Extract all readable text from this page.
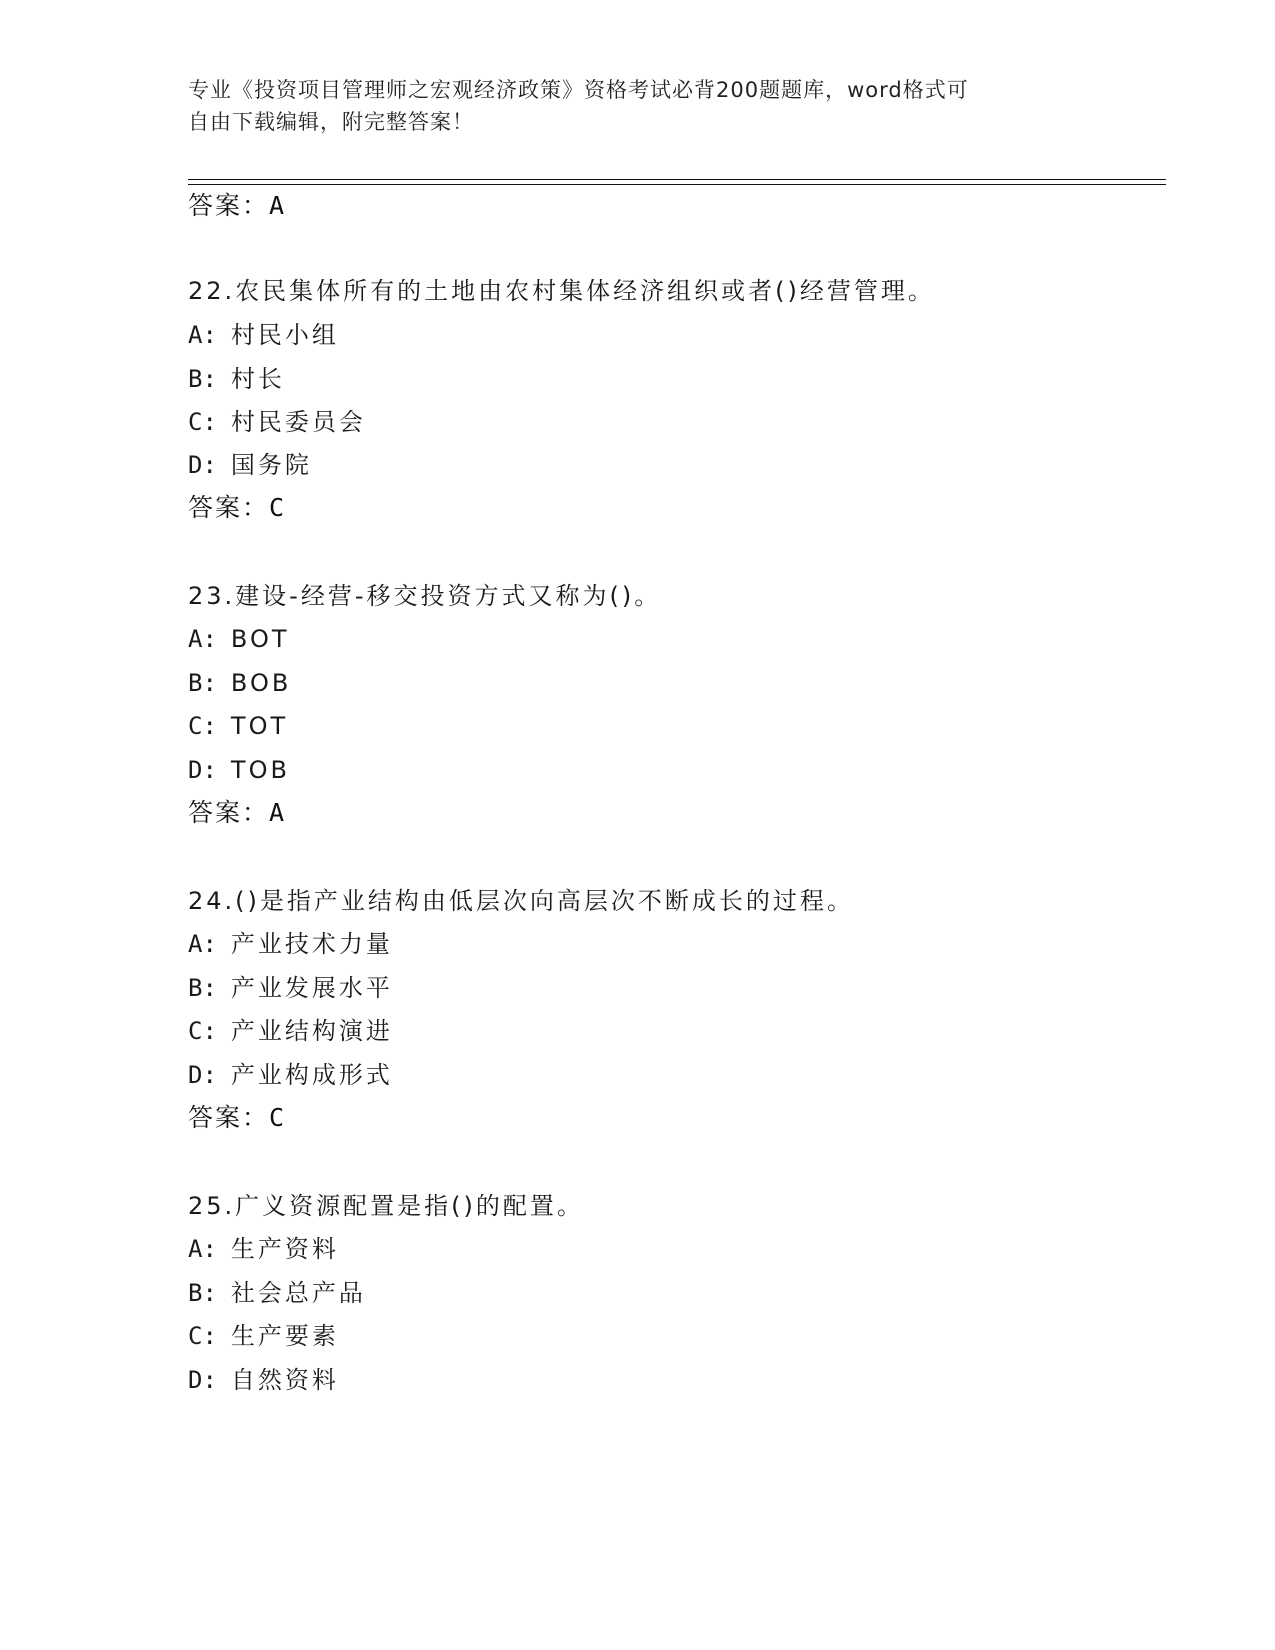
专业《投资项目管理师之宏观经济政策》资格考试必背200题题库，word格式可
自由下载编辑，附完整答案！
答案：A
22.农民集体所有的土地由农村集体经济组织或者()经营管理。
A: 村民小组
B: 村长
C: 村民委员会
D: 国务院
答案：C
23.建设-经营-移交投资方式又称为()。
A: BOT
B: BOB
C: TOT
D: TOB
答案：A
24.()是指产业结构由低层次向高层次不断成长的过程。
A: 产业技术力量
B: 产业发展水平
C: 产业结构演进
D: 产业构成形式
答案：C
25.广义资源配置是指()的配置。
A: 生产资料
B: 社会总产品
C: 生产要素
D: 自然资料
